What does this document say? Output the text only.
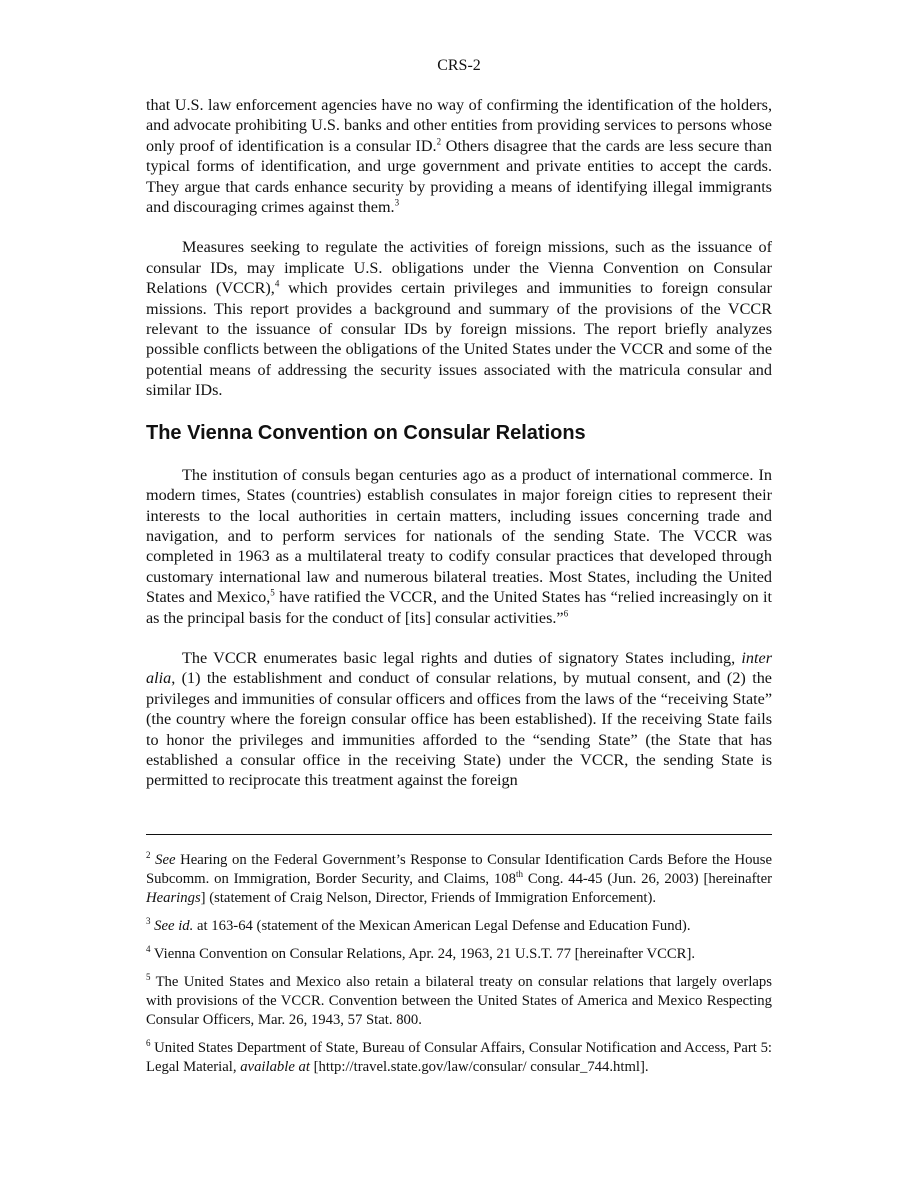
CRS-2

that U.S. law enforcement agencies have no way of confirming the identification of the holders, and advocate prohibiting U.S. banks and other entities from providing services to persons whose only proof of identification is a consular ID.$^2$ Others disagree that the cards are less secure than typical forms of identification, and urge government and private entities to accept the cards. They argue that cards enhance security by providing a means of identifying illegal immigrants and discouraging crimes against them.$^3$

Measures seeking to regulate the activities of foreign missions, such as the issuance of consular IDs, may implicate U.S. obligations under the Vienna Convention on Consular Relations (VCCR),$^4$ which provides certain privileges and immunities to foreign consular missions. This report provides a background and summary of the provisions of the VCCR relevant to the issuance of consular IDs by foreign missions. The report briefly analyzes possible conflicts between the obligations of the United States under the VCCR and some of the potential means of addressing the security issues associated with the matricula consular and similar IDs.

The Vienna Convention on Consular Relations

The institution of consuls began centuries ago as a product of international commerce. In modern times, States (countries) establish consulates in major foreign cities to represent their interests to the local authorities in certain matters, including issues concerning trade and navigation, and to perform services for nationals of the sending State. The VCCR was completed in 1963 as a multilateral treaty to codify consular practices that developed through customary international law and numerous bilateral treaties. Most States, including the United States and Mexico,$^5$ have ratified the VCCR, and the United States has “relied increasingly on it as the principal basis for the conduct of [its] consular activities.”$^6$

The VCCR enumerates basic legal rights and duties of signatory States including, inter alia, (1) the establishment and conduct of consular relations, by mutual consent, and (2) the privileges and immunities of consular officers and offices from the laws of the “receiving State” (the country where the foreign consular office has been established). If the receiving State fails to honor the privileges and immunities afforded to the “sending State” (the State that has established a consular office in the receiving State) under the VCCR, the sending State is permitted to reciprocate this treatment against the foreign

$^2$ See Hearing on the Federal Government’s Response to Consular Identification Cards Before the House Subcomm. on Immigration, Border Security, and Claims, 108th Cong. 44-45 (Jun. 26, 2003) [hereinafter Hearings] (statement of Craig Nelson, Director, Friends of Immigration Enforcement).

$^3$ See id. at 163-64 (statement of the Mexican American Legal Defense and Education Fund).

$^4$ Vienna Convention on Consular Relations, Apr. 24, 1963, 21 U.S.T. 77 [hereinafter VCCR].

$^5$ The United States and Mexico also retain a bilateral treaty on consular relations that largely overlaps with provisions of the VCCR. Convention between the United States of America and Mexico Respecting Consular Officers, Mar. 26, 1943, 57 Stat. 800.

$^6$ United States Department of State, Bureau of Consular Affairs, Consular Notification and Access, Part 5: Legal Material, available at [http://travel.state.gov/law/consular/ consular_744.html].
